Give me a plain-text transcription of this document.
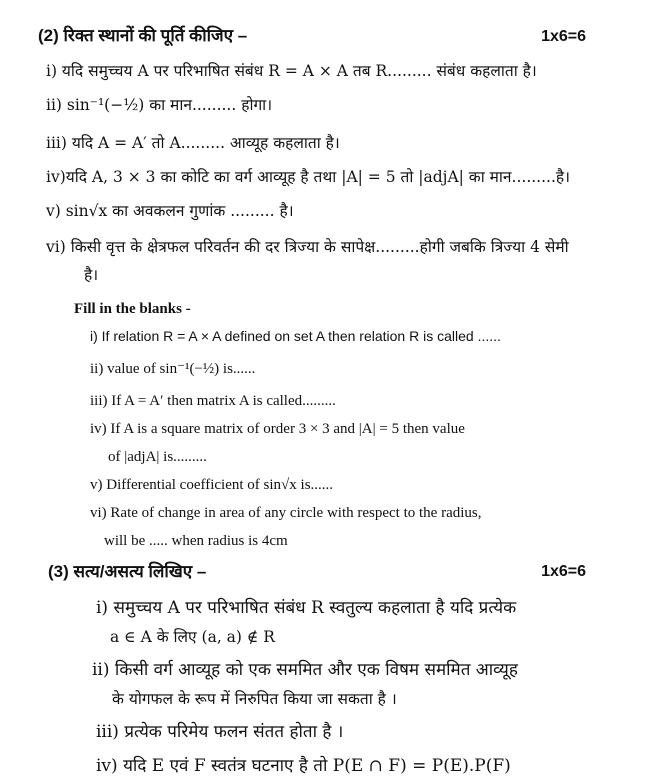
(2) रिक्त स्थानों की पूर्ति कीजिए –	1x6=6
i) यदि समुच्चय A पर परिभाषित संबंध R = A × A तब R......... संबंध कहलाता है।
ii) sin⁻¹(−½) का मान......... होगा।
iii) यदि A = A′ तो A......... आव्यूह कहलाता है।
iv)यदि A, 3 × 3 का कोटि का वर्ग आव्यूह है तथा |A| = 5 तो |adjA| का मान.........है।
v) sin√x का अवकलन गुणांक ......... है।
vi) किसी वृत्त के क्षेत्रफल परिवर्तन की दर त्रिज्या के सापेक्ष.........होगी जबकि त्रिज्या 4 सेमी
है।
Fill in the blanks -
i) If relation R = A × A defined on set A then relation R is called ......
ii) value of sin⁻¹(−½) is......
iii) If A = A′ then matrix A is called.........
iv) If A is a square matrix of order 3 × 3 and |A| = 5 then value
of |adjA| is.........
v) Differential coefficient of sin√x is......
vi) Rate of change in area of any circle with respect to the radius,
will be ..... when radius is 4cm
(3) सत्य/असत्य लिखिए –	1x6=6
i) समुच्चय A पर परिभाषित संबंध R स्वतुल्य कहलाता है यदि प्रत्येक
a ∈ A के लिए (a, a) ∉ R
ii) किसी वर्ग आव्यूह को एक सममित और एक विषम सममित आव्यूह
के योगफल के रूप में निरुपित किया जा सकता है ।
iii) प्रत्येक परिमेय फलन संतत होता है ।
iv) यदि E एवं F स्वतंत्र घटनाए है तो P(E ∩ F) = P(E).P(F)
